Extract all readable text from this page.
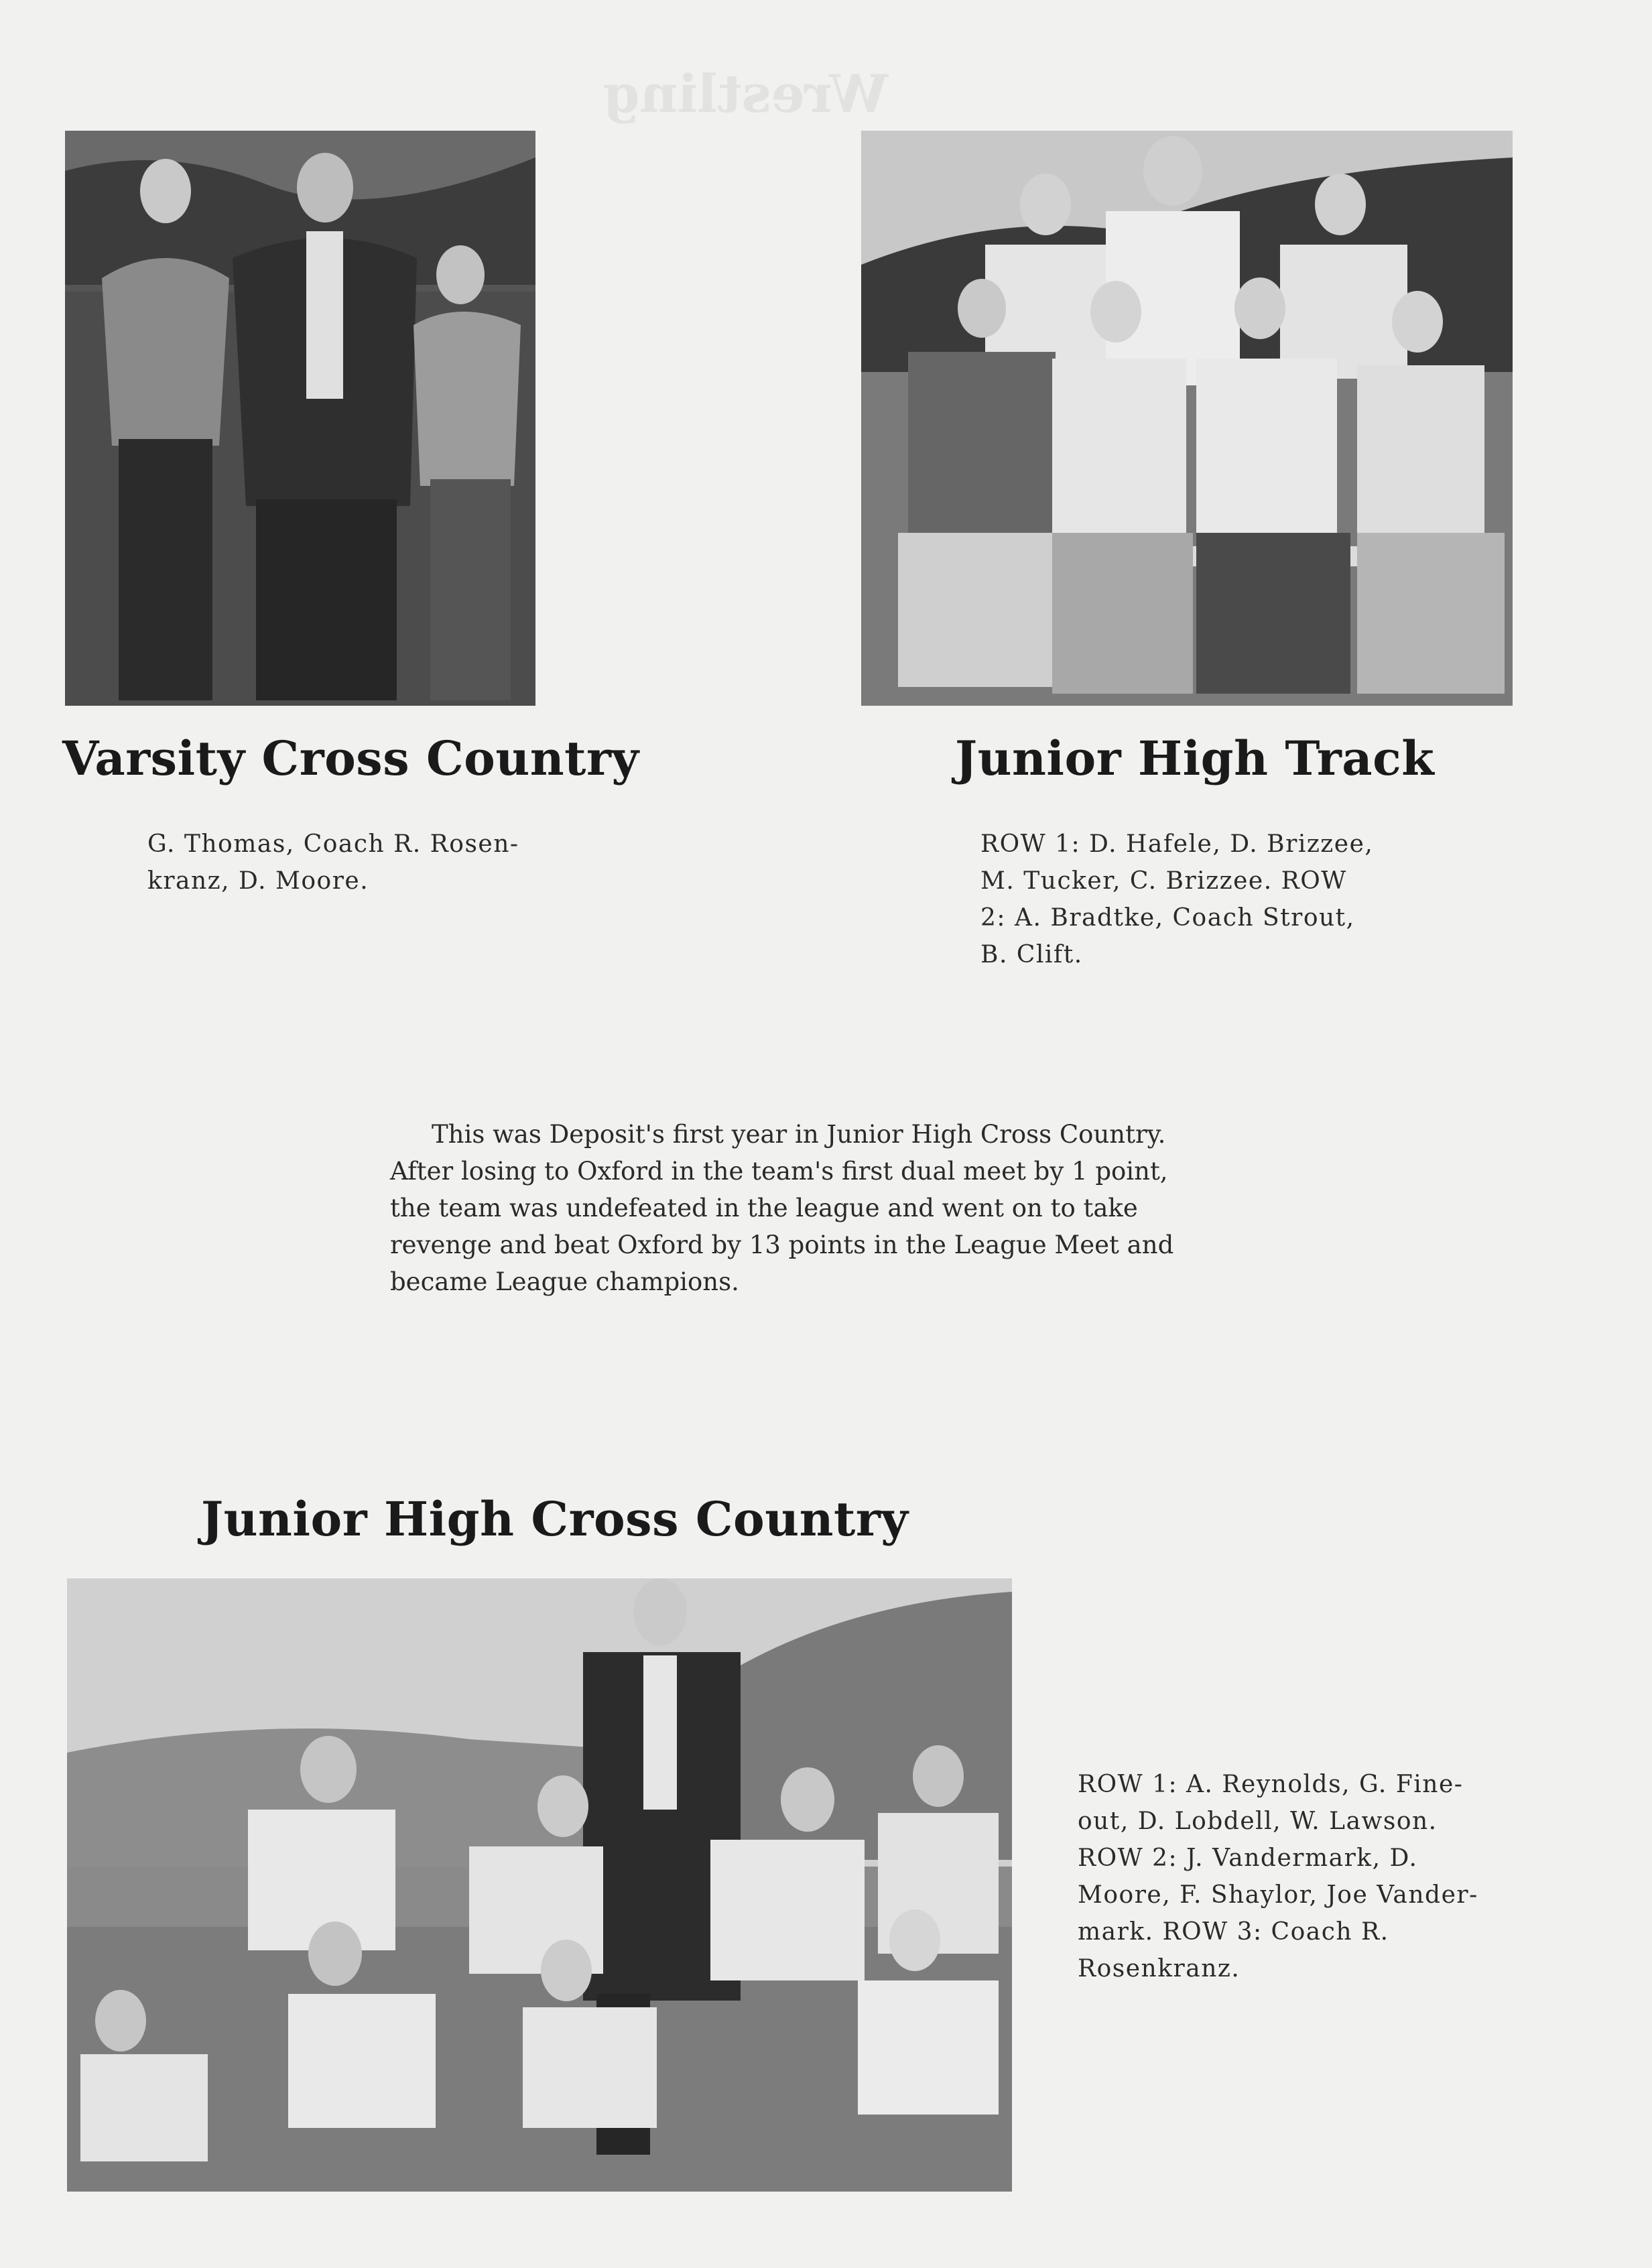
Wrestling
Varsity Cross Country
G. Thomas, Coach R. Rosen-
kranz, D. Moore.
Junior High Track
ROW 1: D. Hafele, D. Brizzee,
M. Tucker, C. Brizzee. ROW
2: A. Bradtke, Coach Strout,
B. Clift.
This was Deposit's first year in Junior High Cross Country.
After losing to Oxford in the team's first dual meet by 1 point,
the team was undefeated in the league and went on to take
revenge and beat Oxford by 13 points in the League Meet and
became League champions.
Junior High Cross Country
ROW 1: A. Reynolds, G. Fine-
out, D. Lobdell, W. Lawson.
ROW 2: J. Vandermark, D.
Moore, F. Shaylor, Joe Vander-
mark. ROW 3: Coach R.
Rosenkranz.
